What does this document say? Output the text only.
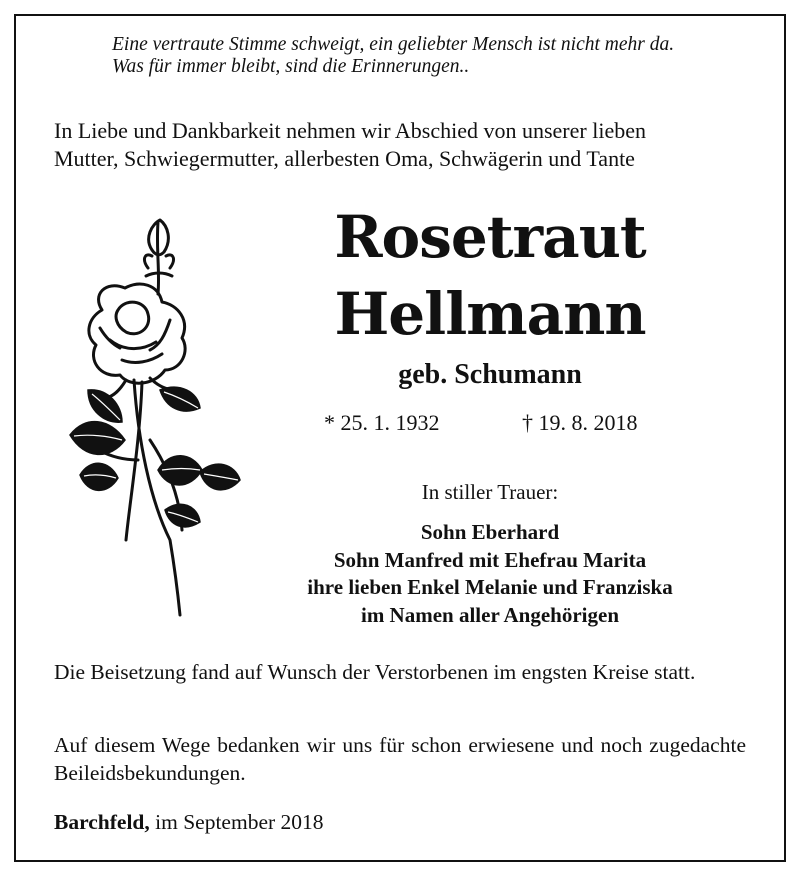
Eine vertraute Stimme schweigt, ein geliebter Mensch ist nicht mehr da.
Was für immer bleibt, sind die Erinnerungen..
In Liebe und Dankbarkeit nehmen wir Abschied von unserer lieben
Mutter, Schwiegermutter, allerbesten Oma, Schwägerin und Tante
Rosetraut
Hellmann
geb. Schumann
* 25. 1. 1932	† 19. 8. 2018
In stiller Trauer:
Sohn Eberhard
Sohn Manfred mit Ehefrau Marita
ihre lieben Enkel Melanie und Franziska
im Namen aller Angehörigen
Die Beisetzung fand auf Wunsch der Verstorbenen im engsten Kreise statt.
Auf diesem Wege bedanken wir uns für schon erwiesene und noch zugedachte Beileidsbekundungen.
Barchfeld, im September 2018
